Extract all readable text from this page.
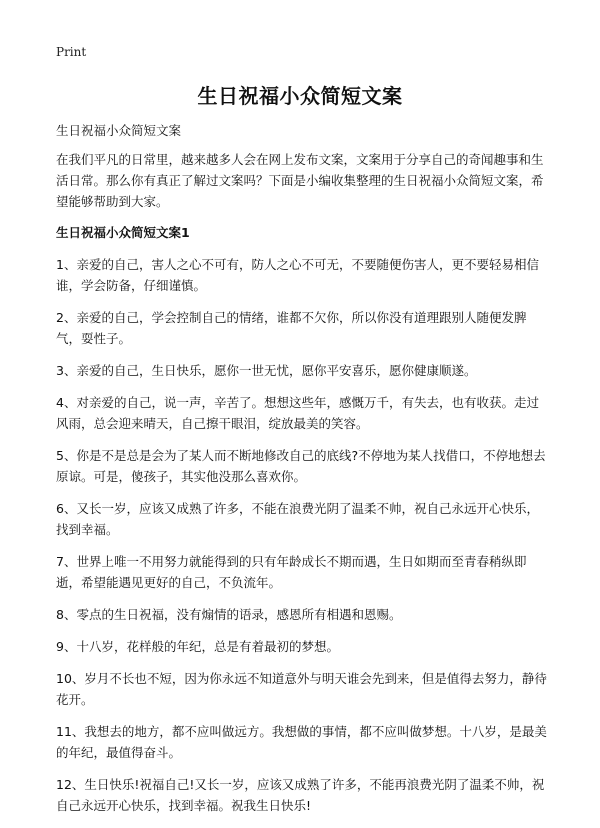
Print
生日祝福小众简短文案

生日祝福小众简短文案

在我们平凡的日常里，越来越多人会在网上发布文案，文案用于分享自己的奇闻趣事和生活日常。那么你有真正了解过文案吗？下面是小编收集整理的生日祝福小众简短文案，希望能够帮助到大家。

生日祝福小众简短文案1

1、亲爱的自己，害人之心不可有，防人之心不可无，不要随便伤害人，更不要轻易相信谁，学会防备，仔细谨慎。

2、亲爱的自己，学会控制自己的情绪，谁都不欠你，所以你没有道理跟别人随便发脾气，耍性子。

3、亲爱的自己，生日快乐，愿你一世无忧，愿你平安喜乐，愿你健康顺遂。

4、对亲爱的自己，说一声，辛苦了。想想这些年，感慨万千，有失去，也有收获。走过风雨，总会迎来晴天，自己擦干眼泪，绽放最美的笑容。

5、你是不是总是会为了某人而不断地修改自己的底线?不停地为某人找借口，不停地想去原谅。可是，傻孩子，其实他没那么喜欢你。

6、又长一岁，应该又成熟了许多，不能在浪费光阴了温柔不帅，祝自己永远开心快乐，找到幸福。

7、世界上唯一不用努力就能得到的只有年龄成长不期而遇，生日如期而至青春稍纵即逝，希望能遇见更好的自己，不负流年。

8、零点的生日祝福，没有煽情的语录，感恩所有相遇和恩赐。

9、十八岁，花样般的年纪，总是有着最初的梦想。

10、岁月不长也不短，因为你永远不知道意外与明天谁会先到来，但是值得去努力，静待花开。

11、我想去的地方，都不应叫做远方。我想做的事情，都不应叫做梦想。十八岁，是最美的年纪，最值得奋斗。

12、生日快乐!祝福自己!又长一岁，应该又成熟了许多，不能再浪费光阴了温柔不帅，祝自己永远开心快乐，找到幸福。祝我生日快乐!
